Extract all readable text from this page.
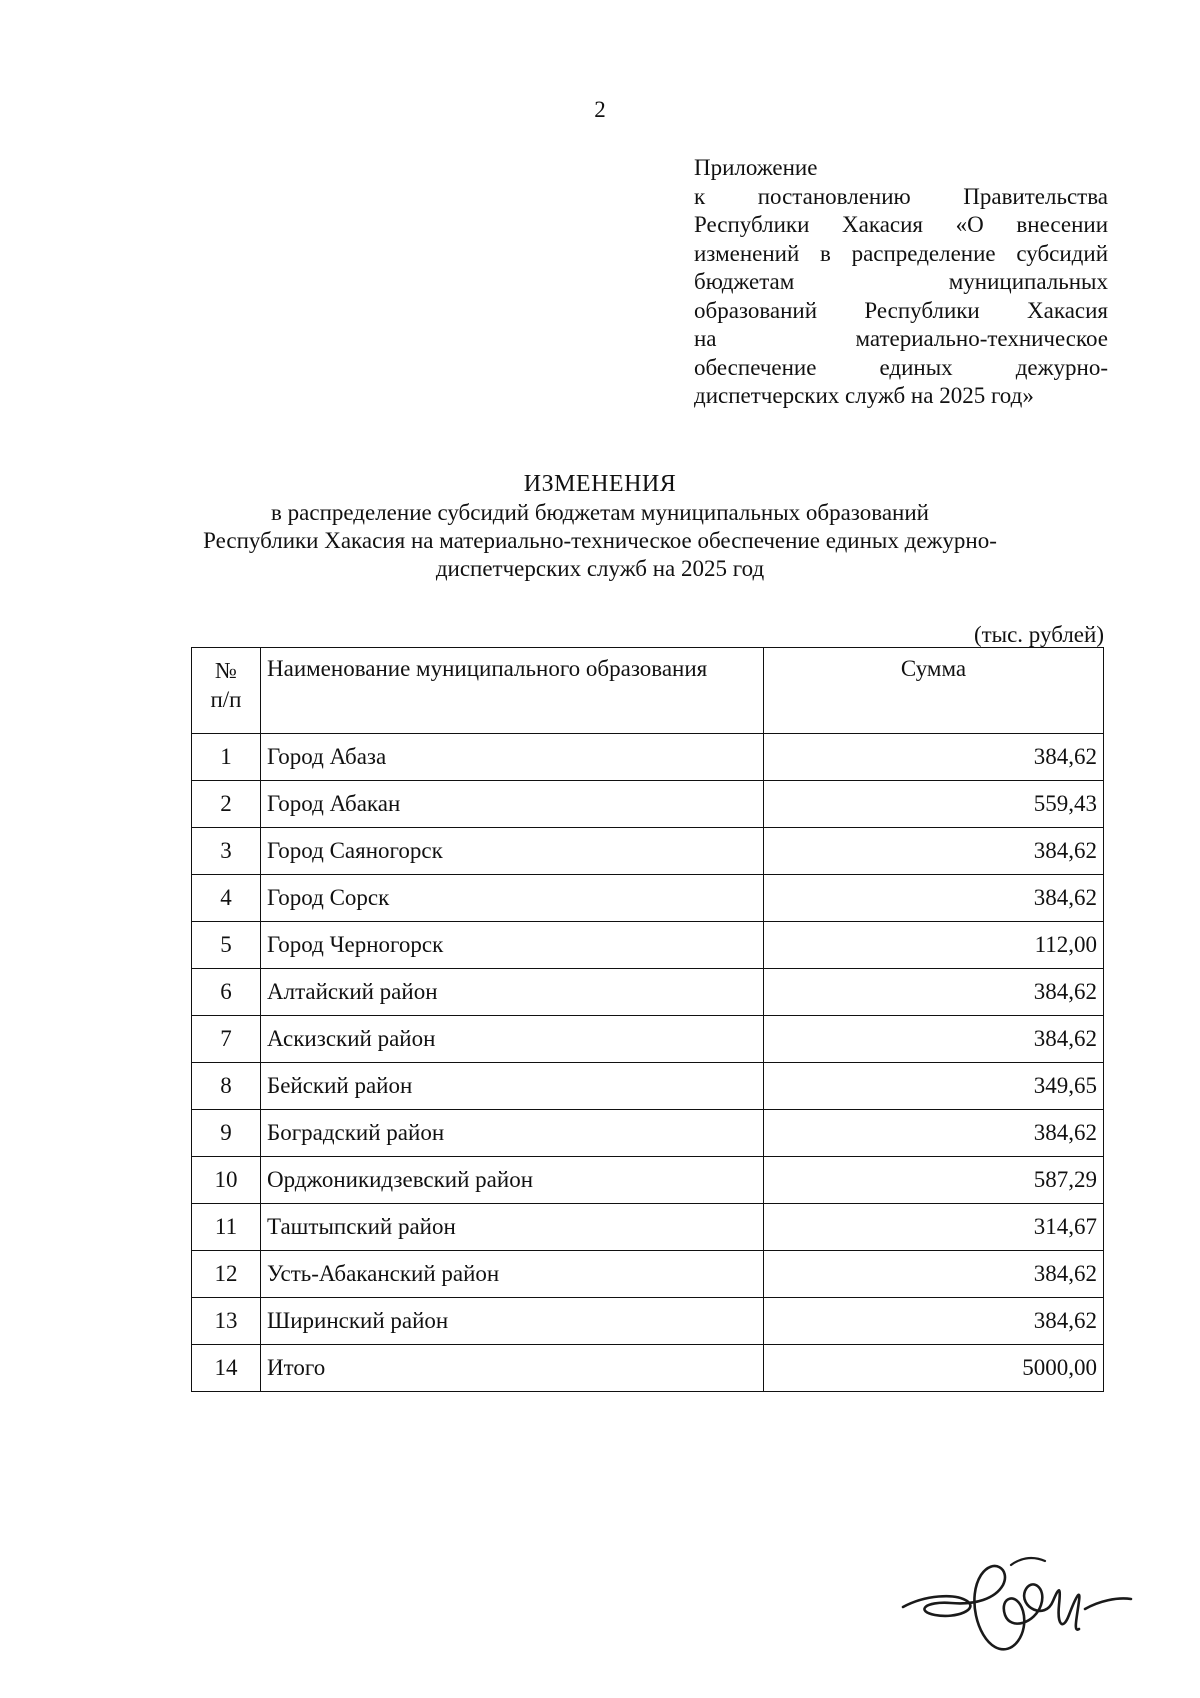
2
Приложение
к постановлению Правительства
Республики Хакасия «О внесении
изменений в распределение субсидий
бюджетам муниципальных
образований Республики Хакасия
на материально-техническое
обеспечение единых дежурно-
диспетчерских служб на 2025 год»
ИЗМЕНЕНИЯ
в распределение субсидий бюджетам муниципальных образований
Республики Хакасия на материально-техническое обеспечение единых дежурно-
диспетчерских служб на 2025 год
(тыс. рублей)
№
п/п	Наименование муниципального образования	Сумма
1	Город Абаза	384,62
2	Город Абакан	559,43
3	Город Саяногорск	384,62
4	Город Сорск	384,62
5	Город Черногорск	112,00
6	Алтайский район	384,62
7	Аскизский район	384,62
8	Бейский район	349,65
9	Боградский район	384,62
10	Орджоникидзевский район	587,29
11	Таштыпский район	314,67
12	Усть-Абаканский район	384,62
13	Ширинский район	384,62
14	Итого	5000,00
